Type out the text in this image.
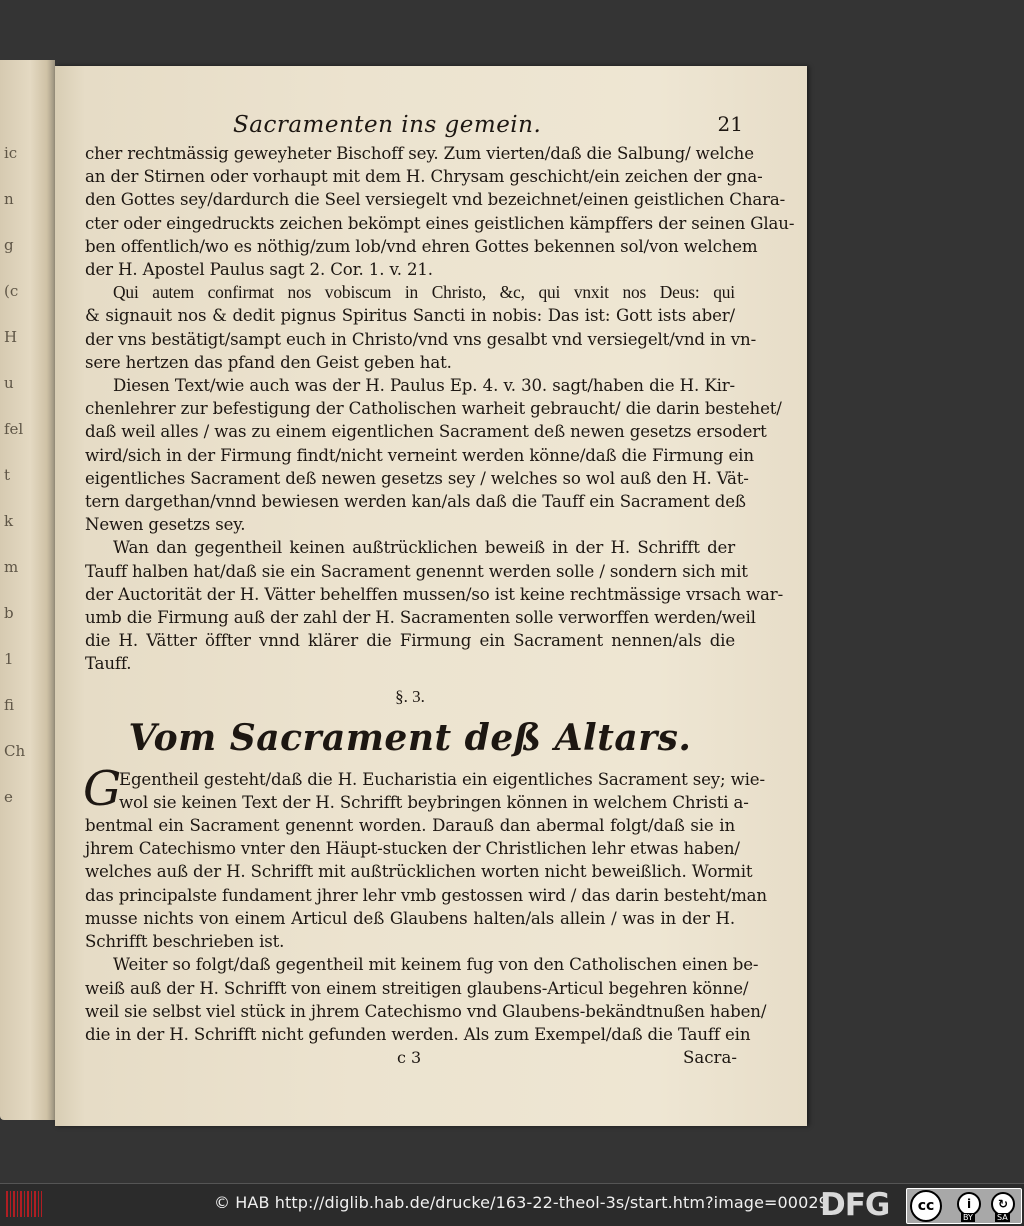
ic
n
g
(c
H
u
fel
t
k
m
b
1
fi
Ch
e
Sacramenten ins gemein.	21
cher rechtmässig geweyheter Bischoff sey. Zum vierten/daß die Salbung/ welche
an der Stirnen oder vorhaupt mit dem H. Chrysam geschicht/ein zeichen der gna-
den Gottes sey/dardurch die Seel versiegelt vnd bezeichnet/einen geistlichen Chara-
cter oder eingedruckts zeichen bekömpt eines geistlichen kämpffers der seinen Glau-
ben offentlich/wo es nöthig/zum lob/vnd ehren Gottes bekennen sol/von welchem
der H. Apostel Paulus sagt 2. Cor. 1. v. 21.
Qui autem confirmat nos vobiscum in Christo, &c, qui vnxit nos Deus: qui
& signauit nos & dedit pignus Spiritus Sancti in nobis: Das ist: Gott ists aber/
der vns bestätigt/sampt euch in Christo/vnd vns gesalbt vnd versiegelt/vnd in vn-
sere hertzen das pfand den Geist geben hat.
Diesen Text/wie auch was der H. Paulus Ep. 4. v. 30. sagt/haben die H. Kir-
chenlehrer zur befestigung der Catholischen warheit gebraucht/ die darin bestehet/
daß weil alles / was zu einem eigentlichen Sacrament deß newen gesetzs ersodert
wird/sich in der Firmung findt/nicht verneint werden könne/daß die Firmung ein
eigentliches Sacrament deß newen gesetzs sey / welches so wol auß den H. Vät-
tern dargethan/vnnd bewiesen werden kan/als daß die Tauff ein Sacrament deß
Newen gesetzs sey.
Wan dan gegentheil keinen außtrücklichen beweiß in der H. Schrifft der
Tauff halben hat/daß sie ein Sacrament genennt werden solle / sondern sich mit
der Auctorität der H. Vätter behelffen mussen/so ist keine rechtmässige vrsach war-
umb die Firmung auß der zahl der H. Sacramenten solle verworffen werden/weil
die H. Vätter öffter vnnd klärer die Firmung ein Sacrament nennen/als die
Tauff.
§. 3.
Vom Sacrament deß Altars.
G
Egentheil gesteht/daß die H. Eucharistia ein eigentliches Sacrament sey; wie-
wol sie keinen Text der H. Schrifft beybringen können in welchem Christi a-
bentmal ein Sacrament genennt worden. Darauß dan abermal folgt/daß sie in
jhrem Catechismo vnter den Häupt-stucken der Christlichen lehr etwas haben/
welches auß der H. Schrifft mit außtrücklichen worten nicht beweißlich. Wormit
das principalste fundament jhrer lehr vmb gestossen wird / das darin besteht/man
musse nichts von einem Articul deß Glaubens halten/als allein / was in der H.
Schrifft beschrieben ist.
Weiter so folgt/daß gegentheil mit keinem fug von den Catholischen einen be-
weiß auß der H. Schrifft von einem streitigen glaubens-Articul begehren könne/
weil sie selbst viel stück in jhrem Catechismo vnd Glaubens-bekändtnußen haben/
die in der H. Schrifft nicht gefunden werden. Als zum Exempel/daß die Tauff ein
c 3	Sacra-
© HAB http://diglib.hab.de/drucke/163-22-theol-3s/start.htm?image=00029
DFG	cc	i	↻
BY	SA
